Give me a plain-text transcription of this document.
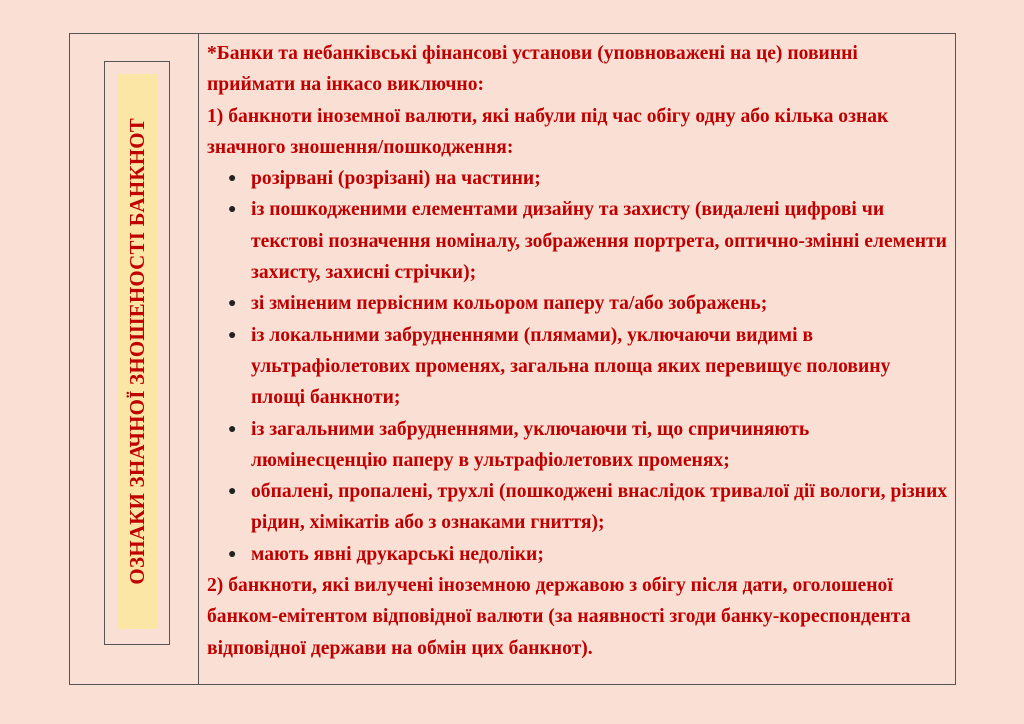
ОЗНАКИ ЗНАЧНОЇ ЗНОШЕНОСТІ БАНКНОТ

*Банки та небанківські фінансові установи (уповноважені на це) повинні приймати на інкасо виключно:

1) банкноти іноземної валюти, які набули під час обігу одну або кілька ознак значного зношення/пошкодження:

● розірвані (розрізані) на частини;
● із пошкодженими елементами дизайну та захисту (видалені цифрові чи текстові позначення номіналу, зображення портрета, оптично-змінні елементи захисту, захисні стрічки);
● зі зміненим первісним кольором паперу та/або зображень;
● із локальними забрудненнями (плямами), уключаючи видимі в ультрафіолетових променях, загальна площа яких перевищує половину площі банкноти;
● із загальними забрудненнями, уключаючи ті, що спричиняють люмінесценцію паперу в ультрафіолетових променях;
● обпалені, пропалені, трухлі (пошкоджені внаслідок тривалої дії вологи, різних рідин, хімікатів або з ознаками гниття);
● мають явні друкарські недоліки;

2) банкноти, які вилучені іноземною державою з обігу після дати, оголошеної банком-емітентом відповідної валюти (за наявності згоди банку-кореспондента відповідної держави на обмін цих банкнот).
